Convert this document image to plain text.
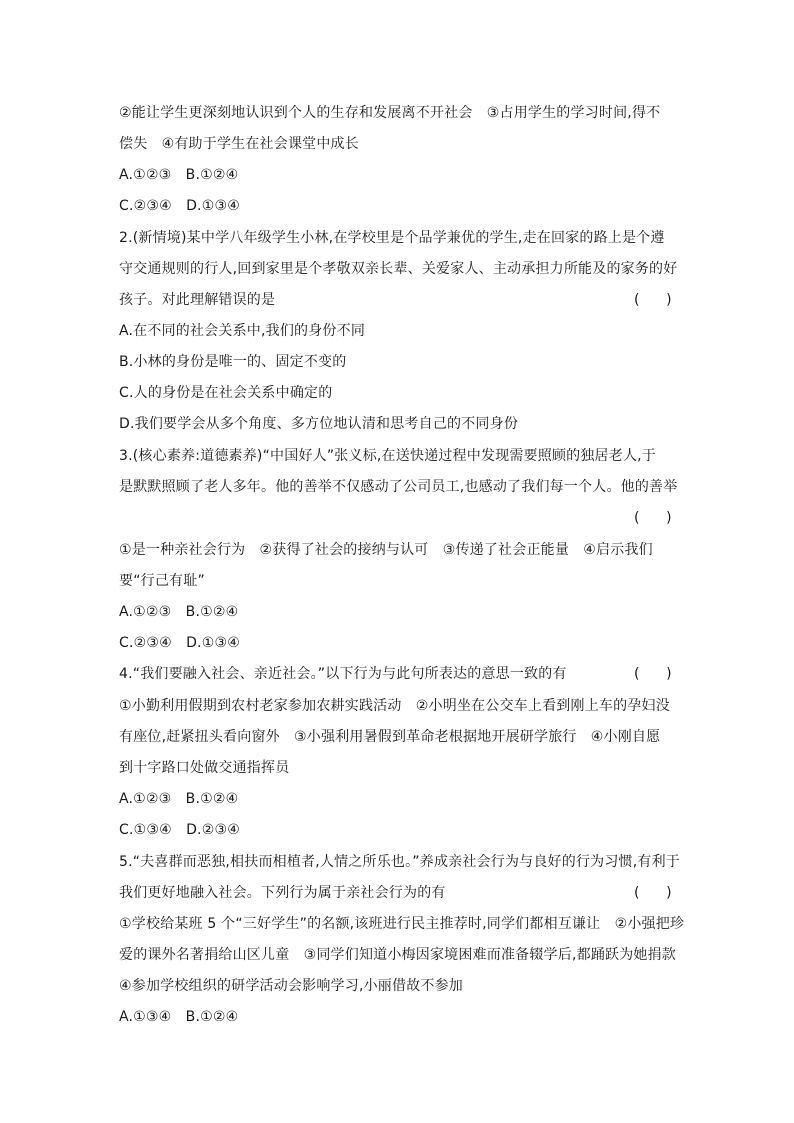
②能让学生更深刻地认识到个人的生存和发展离不开社会　③占用学生的学习时间,得不
偿失　④有助于学生在社会课堂中成长
A.①②③　B.①②④
C.②③④　D.①③④
2.(新情境)某中学八年级学生小林,在学校里是个品学兼优的学生,走在回家的路上是个遵
守交通规则的行人,回到家里是个孝敬双亲长辈、关爱家人、主动承担力所能及的家务的好
孩子。对此理解错误的是	(      )
A.在不同的社会关系中,我们的身份不同
B.小林的身份是唯一的、固定不变的
C.人的身份是在社会关系中确定的
D.我们要学会从多个角度、多方位地认清和思考自己的不同身份
3.(核心素养:道德素养)“中国好人”张义标,在送快递过程中发现需要照顾的独居老人,于
是默默照顾了老人多年。他的善举不仅感动了公司员工,也感动了我们每一个人。他的善举
(      )
①是一种亲社会行为　②获得了社会的接纳与认可　③传递了社会正能量　④启示我们
要“行己有耻”
A.①②③　B.①②④
C.②③④　D.①③④
4.“我们要融入社会、亲近社会。”以下行为与此句所表达的意思一致的有	(      )
①小勤利用假期到农村老家参加农耕实践活动　②小明坐在公交车上看到刚上车的孕妇没
有座位,赶紧扭头看向窗外　③小强利用暑假到革命老根据地开展研学旅行　④小刚自愿
到十字路口处做交通指挥员
A.①②③　B.①②④
C.①③④　D.②③④
5.“夫喜群而恶独,相扶而相植者,人情之所乐也。”养成亲社会行为与良好的行为习惯,有利于
我们更好地融入社会。下列行为属于亲社会行为的有	(      )
①学校给某班 5 个“三好学生”的名额,该班进行民主推荐时,同学们都相互谦让　②小强把珍
爱的课外名著捐给山区儿童　③同学们知道小梅因家境困难而准备辍学后,都踊跃为她捐款
④参加学校组织的研学活动会影响学习,小丽借故不参加
A.①③④　B.①②④
